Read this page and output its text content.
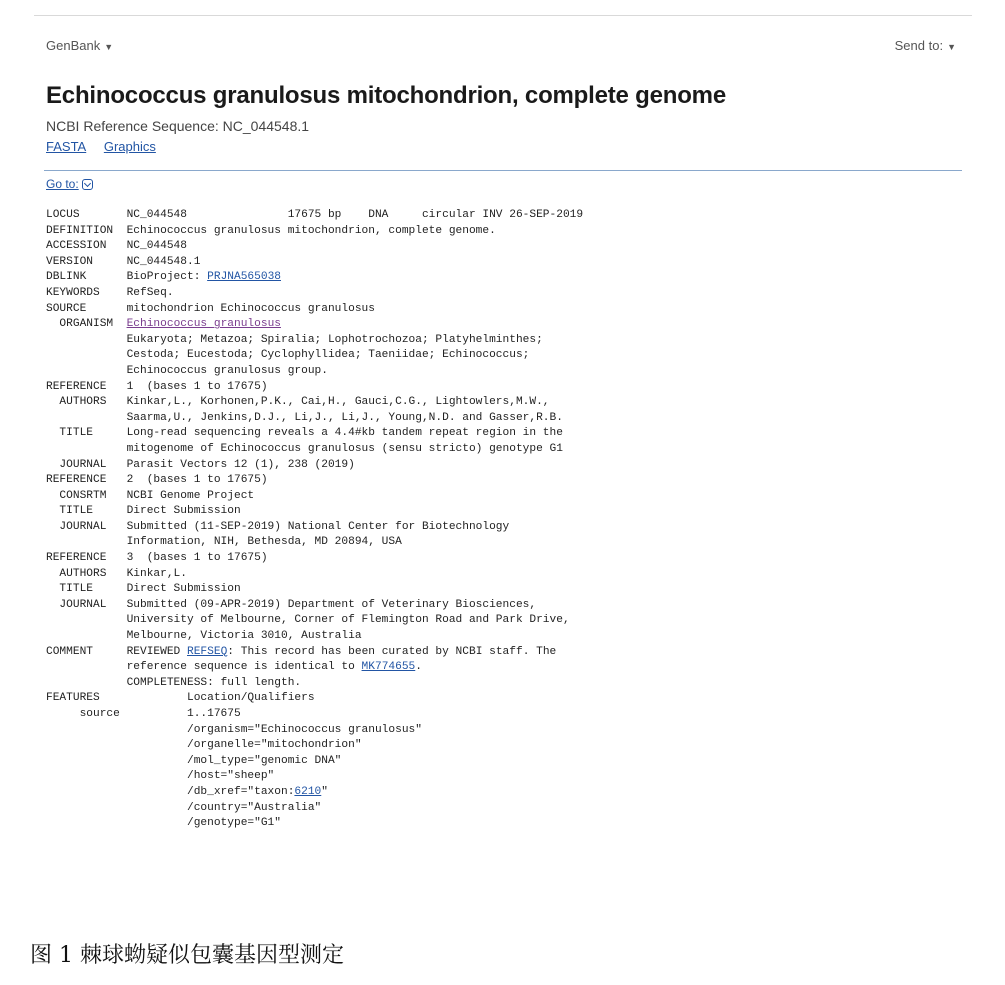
GenBank ▼	Send to: ▼
Echinococcus granulosus mitochondrion, complete genome
NCBI Reference Sequence: NC_044548.1
FASTA Graphics
Go to:
LOCUS       NC_044548               17675 bp    DNA     circular INV 26-SEP-2019
DEFINITION  Echinococcus granulosus mitochondrion, complete genome.
ACCESSION   NC_044548
VERSION     NC_044548.1
DBLINK      BioProject: PRJNA565038
KEYWORDS    RefSeq.
SOURCE      mitochondrion Echinococcus granulosus
ORGANISM  Echinococcus granulosus
Eukaryota; Metazoa; Spiralia; Lophotrochozoa; Platyhelminthes;
Cestoda; Eucestoda; Cyclophyllidea; Taeniidae; Echinococcus;
Echinococcus granulosus group.
REFERENCE   1  (bases 1 to 17675)
AUTHORS   Kinkar,L., Korhonen,P.K., Cai,H., Gauci,C.G., Lightowlers,M.W.,
Saarma,U., Jenkins,D.J., Li,J., Li,J., Young,N.D. and Gasser,R.B.
TITLE     Long-read sequencing reveals a 4.4#kb tandem repeat region in the
mitogenome of Echinococcus granulosus (sensu stricto) genotype G1
JOURNAL   Parasit Vectors 12 (1), 238 (2019)
REFERENCE   2  (bases 1 to 17675)
CONSRTM   NCBI Genome Project
TITLE     Direct Submission
JOURNAL   Submitted (11-SEP-2019) National Center for Biotechnology
Information, NIH, Bethesda, MD 20894, USA
REFERENCE   3  (bases 1 to 17675)
AUTHORS   Kinkar,L.
TITLE     Direct Submission
JOURNAL   Submitted (09-APR-2019) Department of Veterinary Biosciences,
University of Melbourne, Corner of Flemington Road and Park Drive,
Melbourne, Victoria 3010, Australia
COMMENT     REVIEWED REFSEQ: This record has been curated by NCBI staff. The
reference sequence is identical to MK774655.
COMPLETENESS: full length.
FEATURES             Location/Qualifiers
source          1..17675
/organism="Echinococcus granulosus"
/organelle="mitochondrion"
/mol_type="genomic DNA"
/host="sheep"
/db_xref="taxon:6210"
/country="Australia"
/genotype="G1"
图 1 棘球蚴疑似包囊基因型测定
